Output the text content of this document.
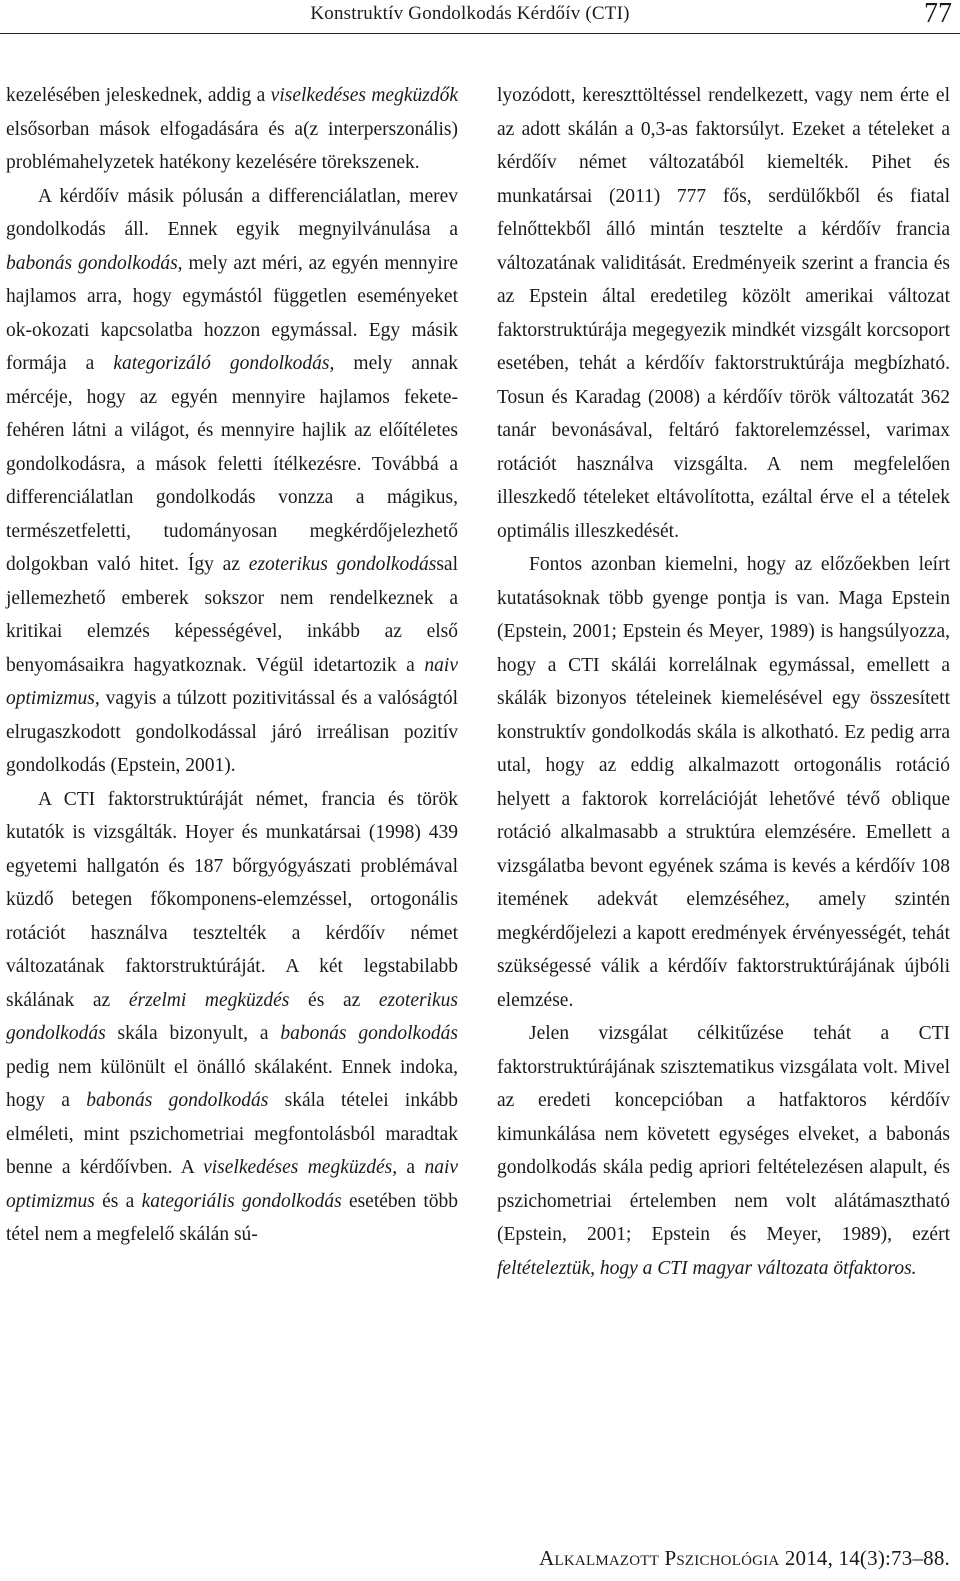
Konstruktív Gondolkodás Kérdőív (CTI)	77

kezelésében jeleskednek, addig a viselkedéses megküzdők elsősorban mások elfogadására és a(z interperszonális) problémahelyzetek hatékony kezelésére törekszenek.

A kérdőív másik pólusán a differenciálatlan, merev gondolkodás áll. Ennek egyik megnyilvánulása a babonás gondolkodás, mely azt méri, az egyén mennyire hajlamos arra, hogy egymástól független eseményeket ok-okozati kapcsolatba hozzon egymással. Egy másik formája a kategorizáló gondolkodás, mely annak mércéje, hogy az egyén mennyire hajlamos fekete-fehéren látni a világot, és mennyire hajlik az előítéletes gondolkodásra, a mások feletti ítélkezésre. Továbbá a differenciálatlan gondolkodás vonzza a mágikus, természetfeletti, tudományosan megkérdőjelezhető dolgokban való hitet. Így az ezoterikus gondolkodással jellemezhető emberek sokszor nem rendelkeznek a kritikai elemzés képességével, inkább az első benyomásaikra hagyatkoznak. Végül idetartozik a naiv optimizmus, vagyis a túlzott pozitivitással és a valóságtól elrugaszkodott gondolkodással járó irreálisan pozitív gondolkodás (Epstein, 2001).

A CTI faktorstruktúráját német, francia és török kutatók is vizsgálták. Hoyer és munkatársai (1998) 439 egyetemi hallgatón és 187 bőrgyógyászati problémával küzdő betegen főkomponens-elemzéssel, ortogonális rotációt használva tesztelték a kérdőív német változatának faktorstruktúráját. A két legstabilabb skálának az érzelmi megküzdés és az ezoterikus gondolkodás skála bizonyult, a babonás gondolkodás pedig nem különült el önálló skálaként. Ennek indoka, hogy a babonás gondolkodás skála tételei inkább elméleti, mint pszichometriai megfontolásból maradtak benne a kérdőívben. A viselkedéses megküzdés, a naiv optimizmus és a kategoriális gondolkodás esetében több tétel nem a megfelelő skálán sú-

lyozódott, kereszttöltéssel rendelkezett, vagy nem érte el az adott skálán a 0,3-as faktorsúlyt. Ezeket a tételeket a kérdőív német változatából kiemelték. Pihet és munkatársai (2011) 777 fős, serdülőkből és fiatal felnőttekből álló mintán tesztelte a kérdőív francia változatának validitását. Eredményeik szerint a francia és az Epstein által eredetileg közölt amerikai változat faktorstruktúrája megegyezik mindkét vizsgált korcsoport esetében, tehát a kérdőív faktorstruktúrája megbízható. Tosun és Karadag (2008) a kérdőív török változatát 362 tanár bevonásával, feltáró faktorelemzéssel, varimax rotációt használva vizsgálta. A nem megfelelően illeszkedő tételeket eltávolította, ezáltal érve el a tételek optimális illeszkedését.

Fontos azonban kiemelni, hogy az előzőekben leírt kutatásoknak több gyenge pontja is van. Maga Epstein (Epstein, 2001; Epstein és Meyer, 1989) is hangsúlyozza, hogy a CTI skálái korrelálnak egymással, emellett a skálák bizonyos tételeinek kiemelésével egy összesített konstruktív gondolkodás skála is alkotható. Ez pedig arra utal, hogy az eddig alkalmazott ortogonális rotáció helyett a faktorok korrelációját lehetővé tévő oblique rotáció alkalmasabb a struktúra elemzésére. Emellett a vizsgálatba bevont egyének száma is kevés a kérdőív 108 itemének adekvát elemzéséhez, amely szintén megkérdőjelezi a kapott eredmények érvényességét, tehát szükségessé válik a kérdőív faktorstruktúrájának újbóli elemzése.

Jelen vizsgálat célkitűzése tehát a CTI faktorstruktúrájának szisztematikus vizsgálata volt. Mivel az eredeti koncepcióban a hatfaktoros kérdőív kimunkálása nem követett egységes elveket, a babonás gondolkodás skála pedig apriori feltételezésen alapult, és pszichometriai értelemben nem volt alátámasztható (Epstein, 2001; Epstein és Meyer, 1989), ezért feltételeztük, hogy a CTI magyar változata ötfaktoros.

Alkalmazott Pszichológia 2014, 14(3):73–88.
